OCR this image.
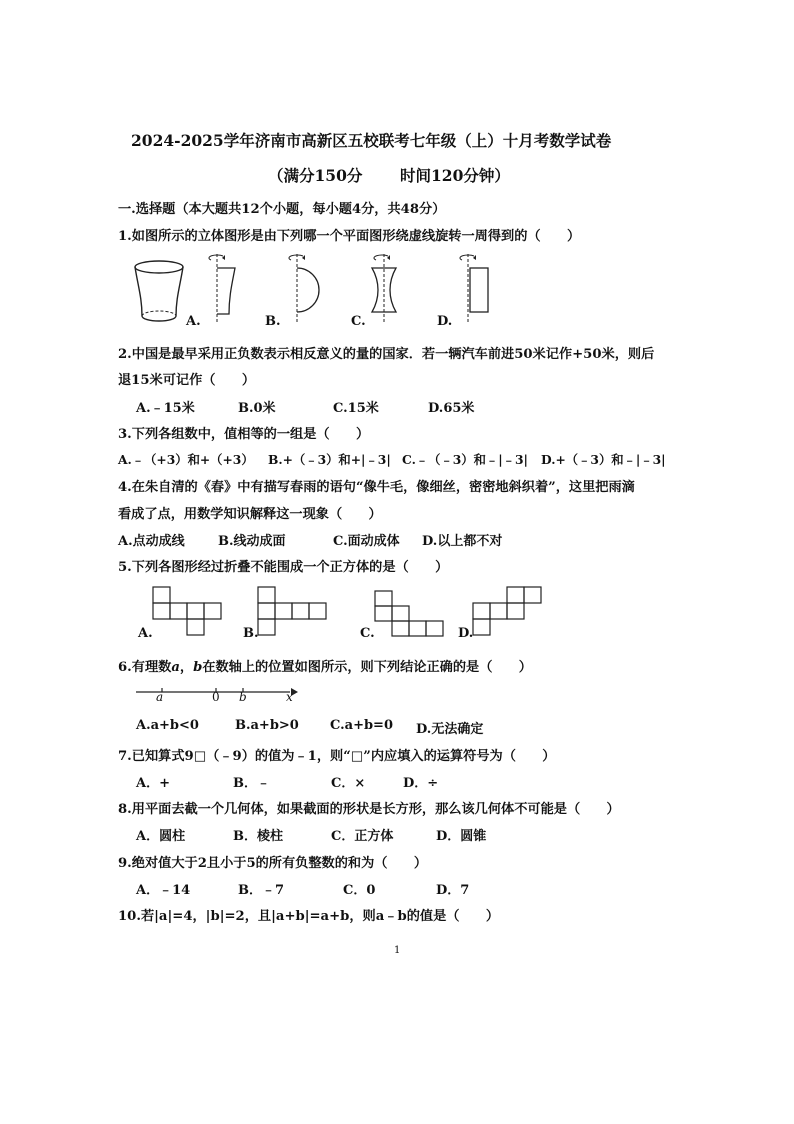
2024-2025学年济南市高新区五校联考七年级（上）十月考数学试卷
（满分150分 时间120分钟）
一.选择题（本大题共12个小题，每小题4分，共48分）
1.如图所示的立体图形是由下列哪一个平面图形绕虚线旋转一周得到的（　　）
A.	B.	C.	D.
2.中国是最早采用正负数表示相反意义的量的国家．若一辆汽车前进50米记作+50米，则后
退15米可记作（　　）
A.﹣15米	B.0米	C.15米	D.65米
3.下列各组数中，值相等的一组是（　　）
A.﹣（+3）和+（+3） B.+（﹣3）和+|﹣3| C.﹣（﹣3）和﹣|﹣3| D.+（﹣3）和﹣|﹣3|
4.在朱自清的《春》中有描写春雨的语句“像牛毛，像细丝，密密地斜织着”，这里把雨滴
看成了点，用数学知识解释这一现象（　　）
A.点动成线	B.线动成面	C.面动成体 D.以上都不对
5.下列各图形经过折叠不能围成一个正方体的是（　　）
A.	B.	C.	D.
6.有理数a，b在数轴上的位置如图所示，则下列结论正确的是（　　）
a	0 b	x
A.a+b<0	B.a+b>0 C.a+b=0 D.无法确定
7.已知算式9□（﹣9）的值为﹣1，则“□”内应填入的运算符号为（　　）
A．+	B．﹣	C．×	D．÷
8.用平面去截一个几何体，如果截面的形状是长方形，那么该几何体不可能是（　　）
A．圆柱	B．棱柱	C．正方体	D．圆锥
9.绝对值大于2且小于5的所有负整数的和为（　　）
A．﹣14	B．﹣7	C．0	D．7
10.若|a|=4，|b|=2，且|a+b|=a+b，则a﹣b的值是（　　）
1
